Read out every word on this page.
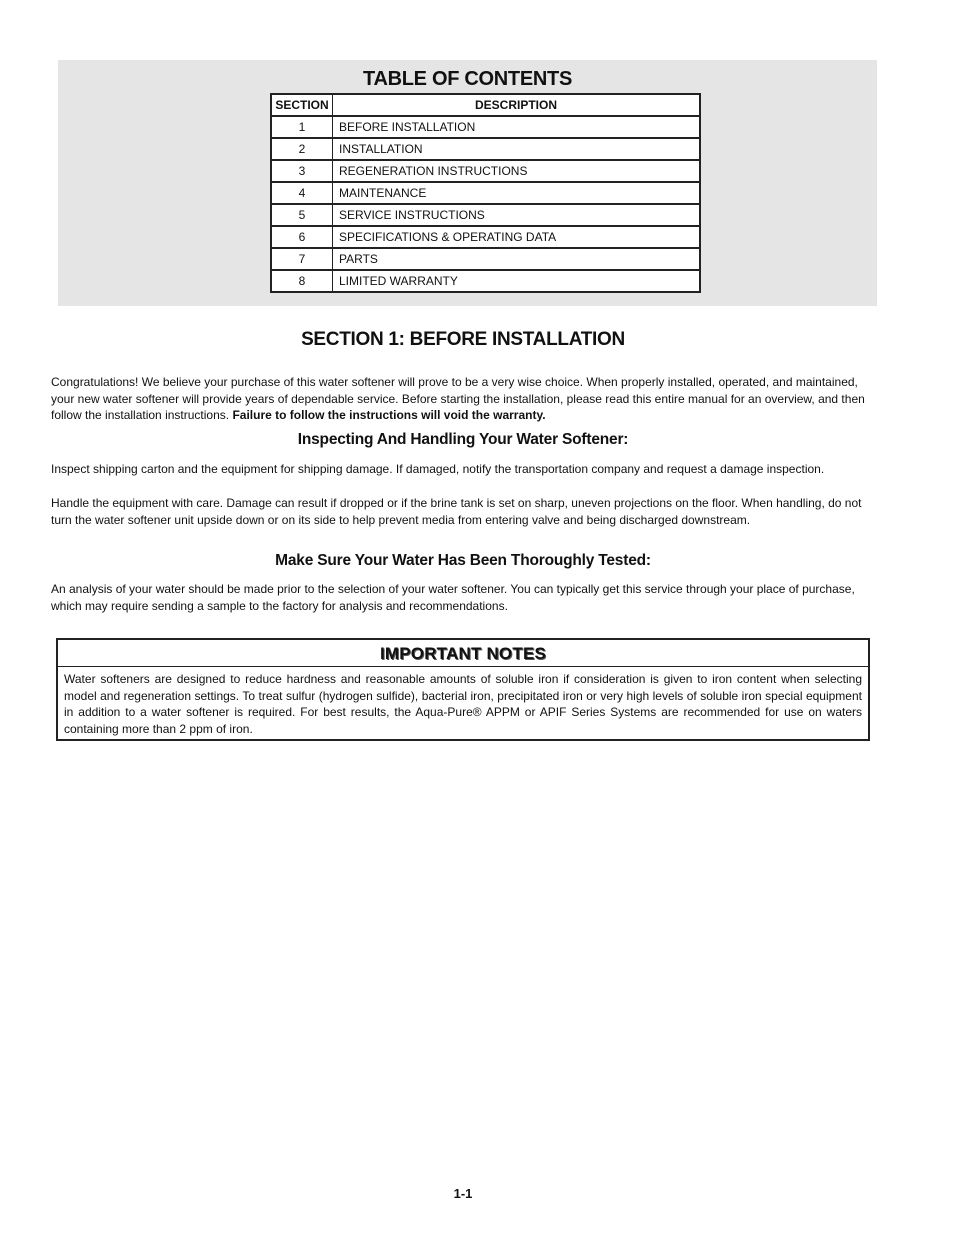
TABLE OF CONTENTS
SECTION	DESCRIPTION
1	BEFORE INSTALLATION
2	INSTALLATION
3	REGENERATION INSTRUCTIONS
4	MAINTENANCE
5	SERVICE INSTRUCTIONS
6	SPECIFICATIONS & OPERATING DATA
7	PARTS
8	LIMITED WARRANTY
SECTION 1: BEFORE INSTALLATION

Congratulations! We believe your purchase of this water softener will prove to be a very wise choice. When properly installed, operated, and maintained, your new water softener will provide years of dependable service. Before starting the installation, please read this entire manual for an overview, and then follow the installation instructions. Failure to follow the instructions will void the warranty.

Inspecting And Handling Your Water Softener:

Inspect shipping carton and the equipment for shipping damage. If damaged, notify the transportation company and request a damage inspection.

Handle the equipment with care. Damage can result if dropped or if the brine tank is set on sharp, uneven projections on the floor. When handling, do not turn the water softener unit upside down or on its side to help prevent media from entering valve and being discharged downstream.

Make Sure Your Water Has Been Thoroughly Tested:

An analysis of your water should be made prior to the selection of your water softener. You can typically get this service through your place of purchase, which may require sending a sample to the factory for analysis and recommendations.

IMPORTANT NOTES
Water softeners are designed to reduce hardness and reasonable amounts of soluble iron if consideration is given to iron content when selecting model and regeneration settings. To treat sulfur (hydrogen sulfide), bacterial iron, precipitated iron or very high levels of soluble iron special equipment in addition to a water softener is required. For best results, the Aqua-Pure® APPM or APIF Series Systems are recommended for use on waters containing more than 2 ppm of iron.
1-1
